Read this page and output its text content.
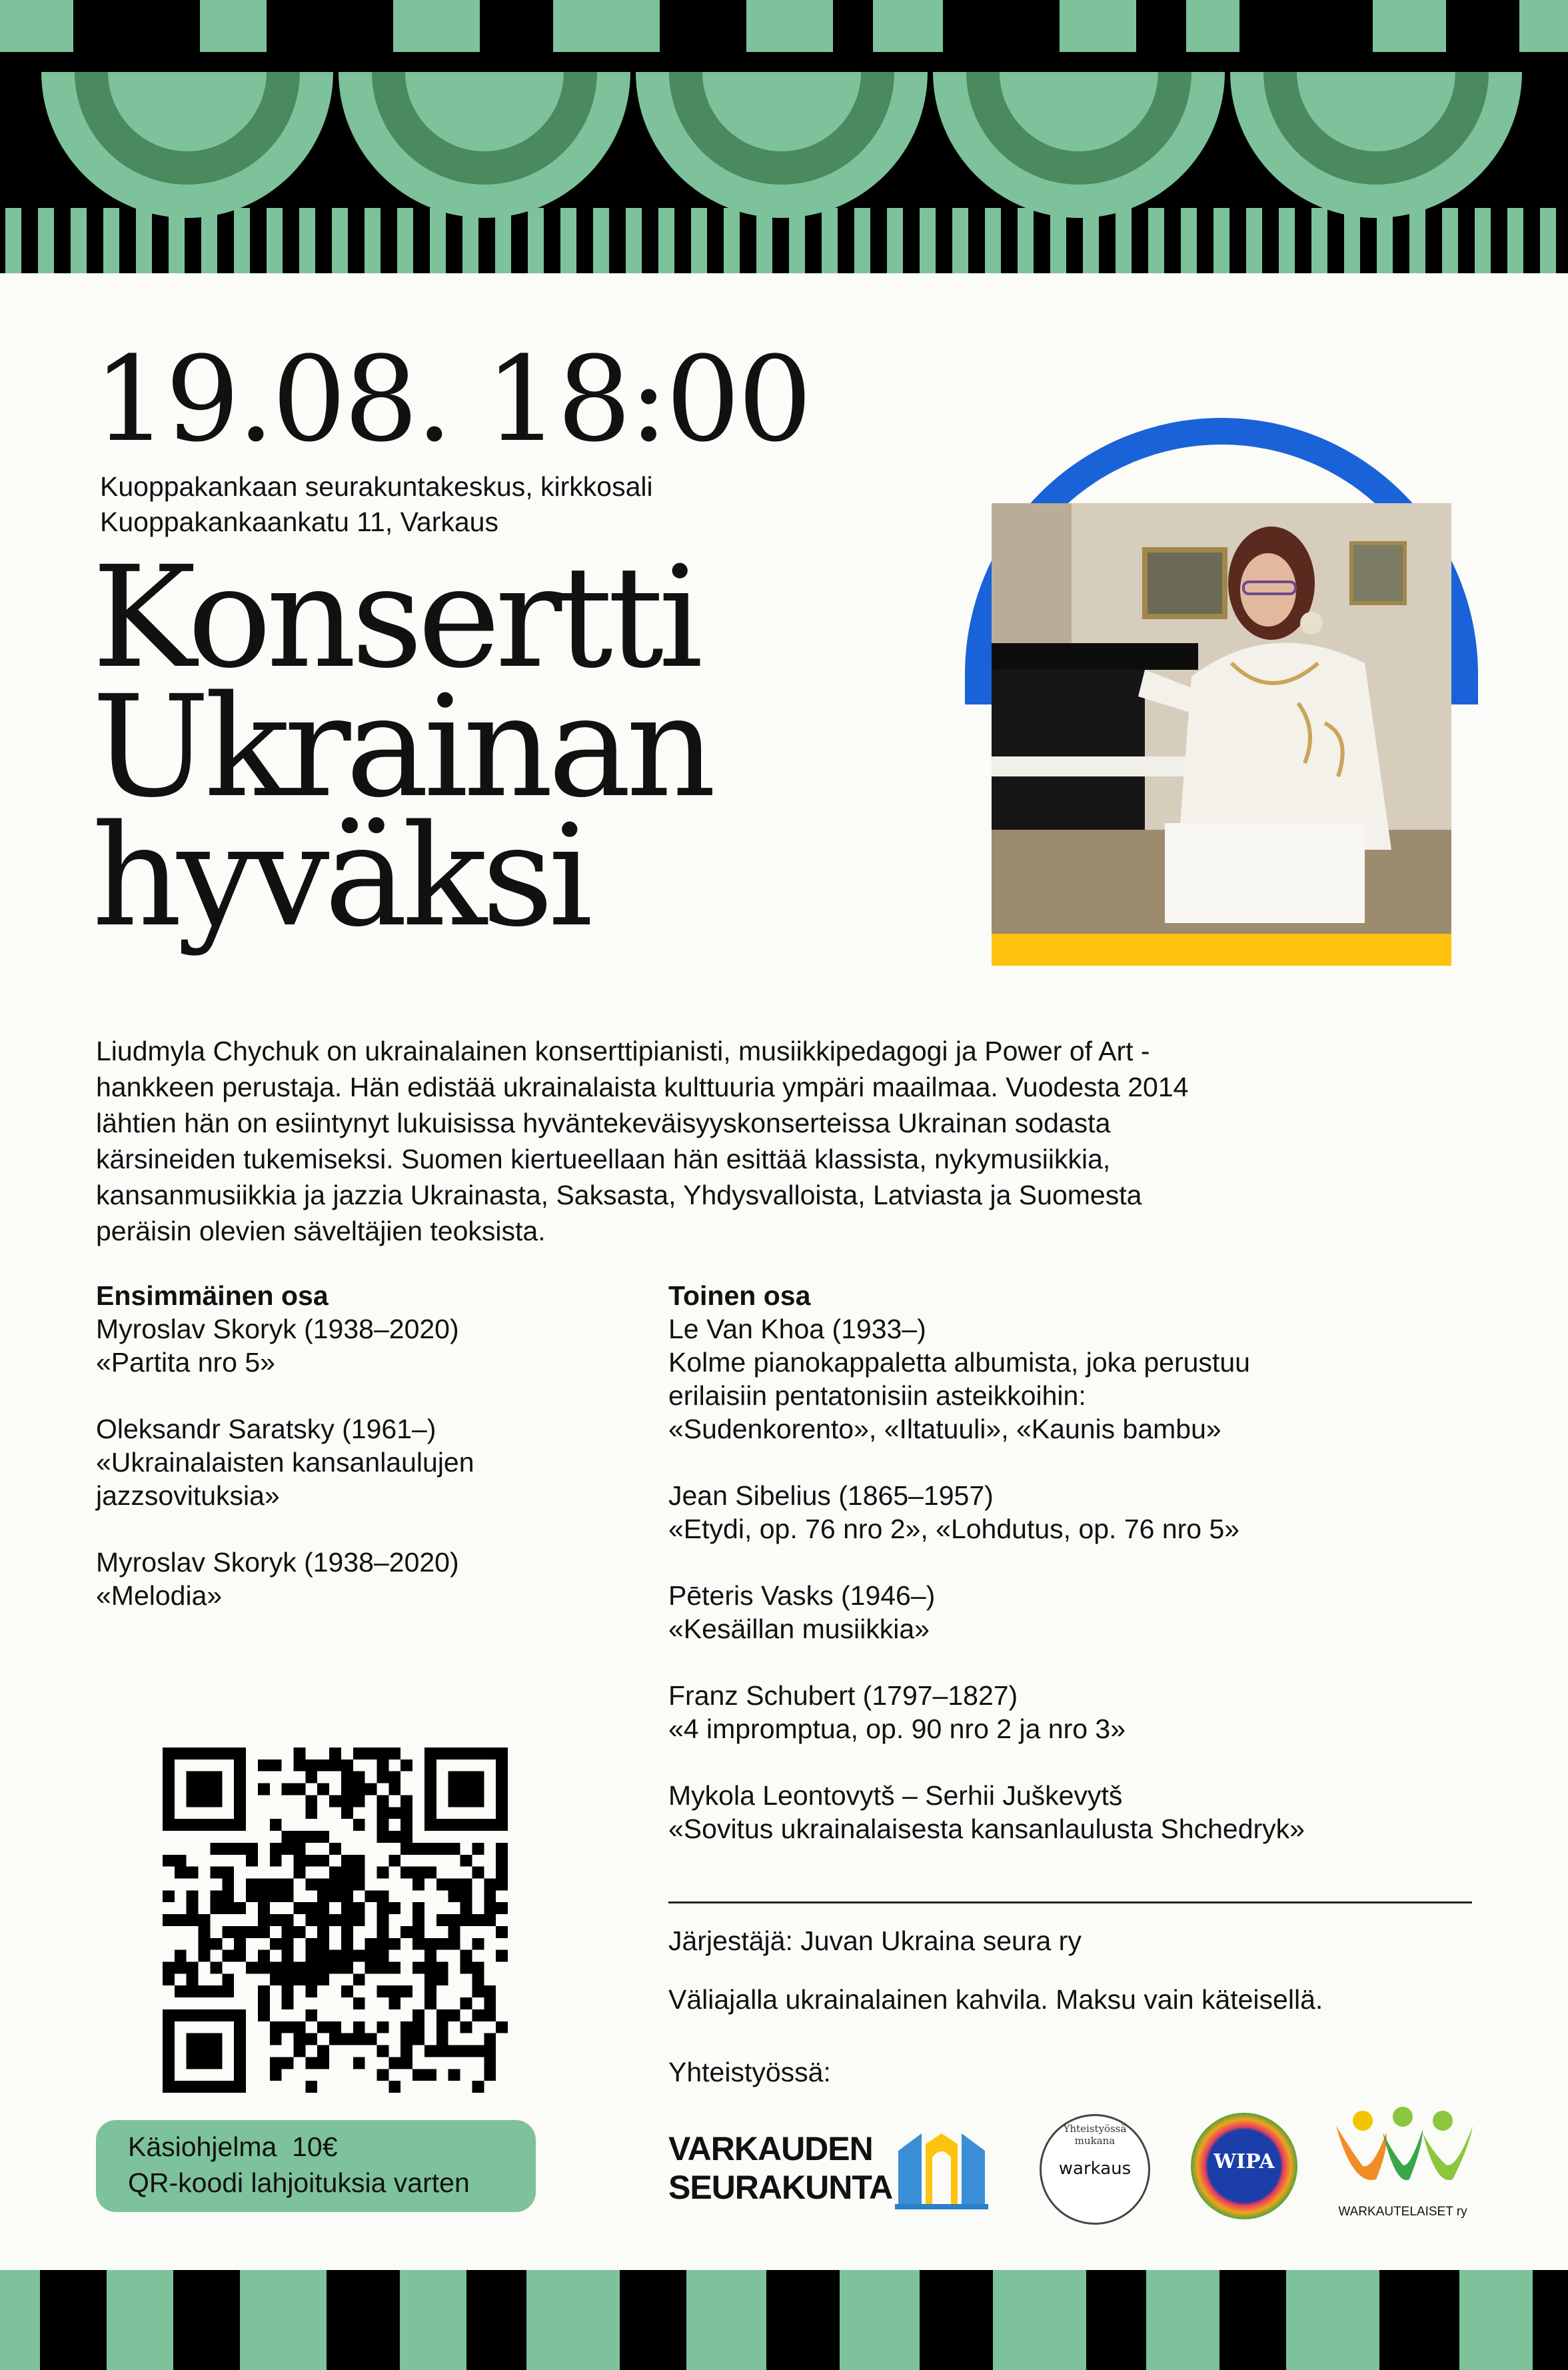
19.08. 18:00
Kuoppakankaan seurakuntakeskus, kirkkosali
Kuoppakankaankatu 11, Varkaus
Konsertti
Ukrainan
hyväksi
Liudmyla Chychuk on ukrainalainen konserttipianisti, musiikkipedagogi ja Power of Art -
hankkeen perustaja. Hän edistää ukrainalaista kulttuuria ympäri maailmaa. Vuodesta 2014
lähtien hän on esiintynyt lukuisissa hyväntekeväisyyskonserteissa Ukrainan sodasta
kärsineiden tukemiseksi. Suomen kiertueellaan hän esittää klassista, nykymusiikkia,
kansanmusiikkia ja jazzia Ukrainasta, Saksasta, Yhdysvalloista, Latviasta ja Suomesta
peräisin olevien säveltäjien teoksista.
Ensimmäinen osa
Myroslav Skoryk (1938–2020)
«Partita nro 5»
Oleksandr Saratsky (1961–)
«Ukrainalaisten kansanlaulujen
jazzsovituksia»
Myroslav Skoryk (1938–2020)
«Melodia»
Toinen osa
Le Van Khoa (1933–)
Kolme pianokappaletta albumista, joka perustuu
erilaisiin pentatonisiin asteikkoihin:
«Sudenkorento», «Iltatuuli», «Kaunis bambu»
Jean Sibelius (1865–1957)
«Etydi, op. 76 nro 2», «Lohdutus, op. 76 nro 5»
Pēteris Vasks (1946–)
«Kesäillan musiikkia»
Franz Schubert (1797–1827)
«4 impromptua, op. 90 nro 2 ja nro 3»
Mykola Leontovytš – Serhii Juškevytš
«Sovitus ukrainalaisesta kansanlaulusta Shchedryk»
Järjestäjä: Juvan Ukraina seura ry
Väliajalla ukrainalainen kahvila. Maksu vain käteisellä.
Yhteistyössä:
Käsiohjelma  10€
QR-koodi lahjoituksia varten
VARKAUDEN
SEURAKUNTA
Yhteistyössä mukana
warkaus	WIPA
WARKAUTELAISET ry
